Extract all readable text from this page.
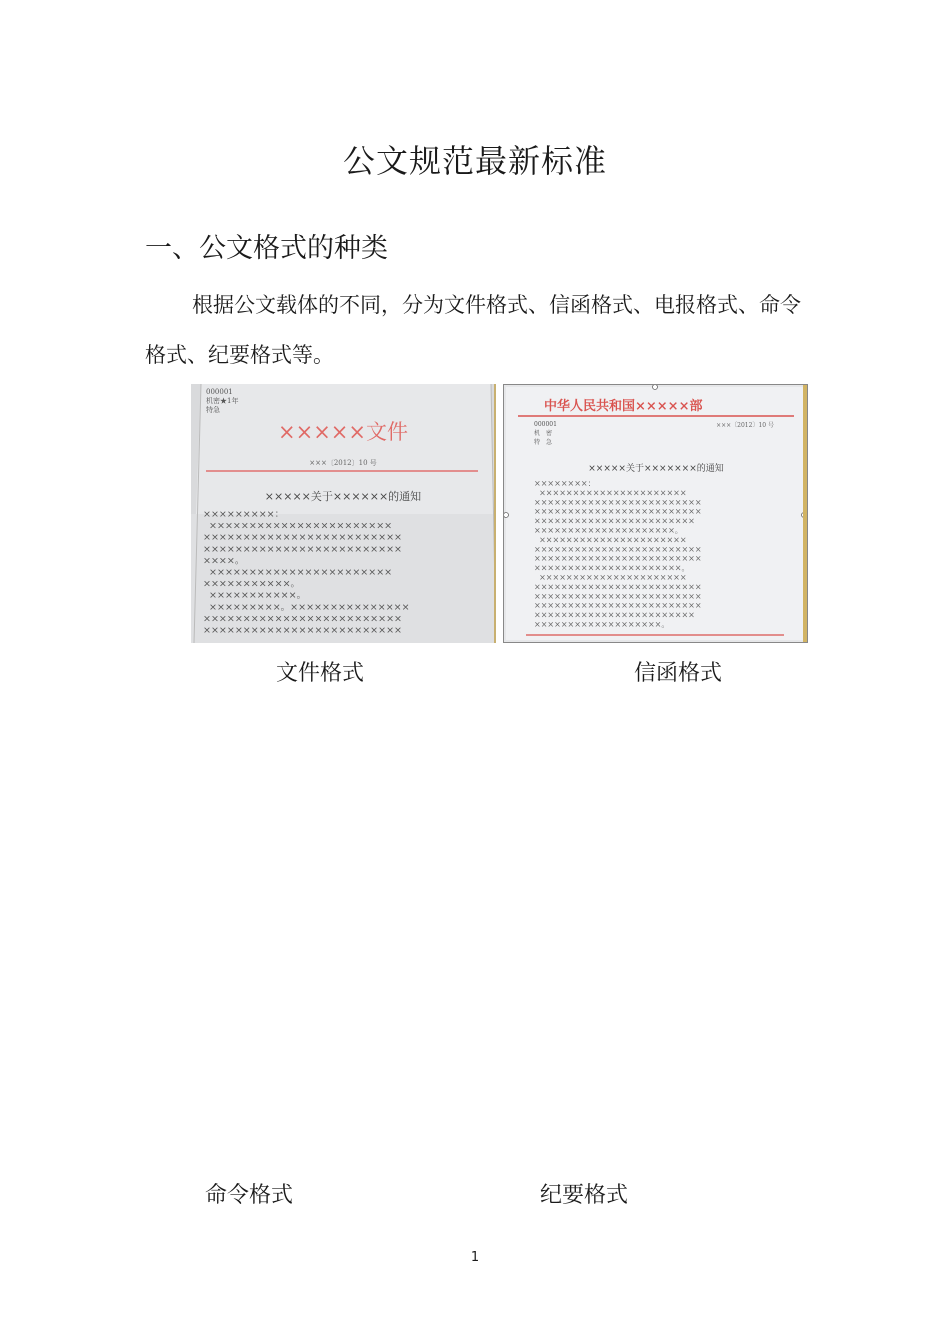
公文规范最新标准
一、公文格式的种类
根据公文载体的不同，分为文件格式、信函格式、电报格式、命令格式、纪要格式等。
000001
机密★1年
特急
×××××文件
×××〔2012〕10 号
×××××关于××××××的通知
×××××××××：
×××××××××××××××××××××××
×××××××××××××××××××××××××
×××××××××××××××××××××××××
××××。
×××××××××××××××××××××××
×××××××××××。
×××××××××××。
×××××××××。×××××××××××××××
×××××××××××××××××××××××××
×××××××××××××××××××××××××
中华人民共和国×××××部
000001
机　密
特　急
×××〔2012〕10 号
×××××关于×××××××的通知
××××××××：
××××××××××××××××××××××
×××××××××××××××××××××××××
×××××××××××××××××××××××××
××××××××××××××××××××××××
×××××××××××××××××××××。
××××××××××××××××××××××
×××××××××××××××××××××××××
×××××××××××××××××××××××××
××××××××××××××××××××××。
××××××××××××××××××××××
×××××××××××××××××××××××××
×××××××××××××××××××××××××
×××××××××××××××××××××××××
××××××××××××××××××××××××
×××××××××××××××××××。
文件格式	信函格式
命令格式	纪要格式
1
